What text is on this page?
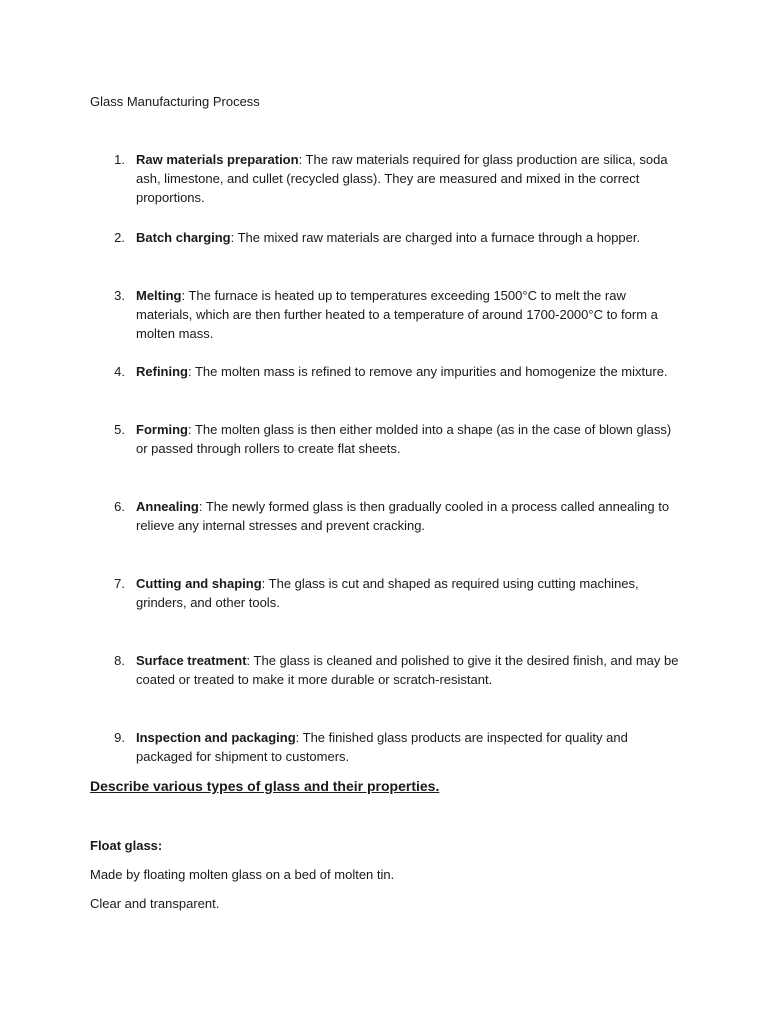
Glass Manufacturing Process
1. Raw materials preparation: The raw materials required for glass production are silica, soda ash, limestone, and cullet (recycled glass). They are measured and mixed in the correct proportions.
2. Batch charging: The mixed raw materials are charged into a furnace through a hopper.
3. Melting: The furnace is heated up to temperatures exceeding 1500°C to melt the raw materials, which are then further heated to a temperature of around 1700-2000°C to form a molten mass.
4. Refining: The molten mass is refined to remove any impurities and homogenize the mixture.
5. Forming: The molten glass is then either molded into a shape (as in the case of blown glass) or passed through rollers to create flat sheets.
6. Annealing: The newly formed glass is then gradually cooled in a process called annealing to relieve any internal stresses and prevent cracking.
7. Cutting and shaping: The glass is cut and shaped as required using cutting machines, grinders, and other tools.
8. Surface treatment: The glass is cleaned and polished to give it the desired finish, and may be coated or treated to make it more durable or scratch-resistant.
9. Inspection and packaging: The finished glass products are inspected for quality and packaged for shipment to customers.
Describe various types of glass and their properties.
Float glass:
Made by floating molten glass on a bed of molten tin.
Clear and transparent.
